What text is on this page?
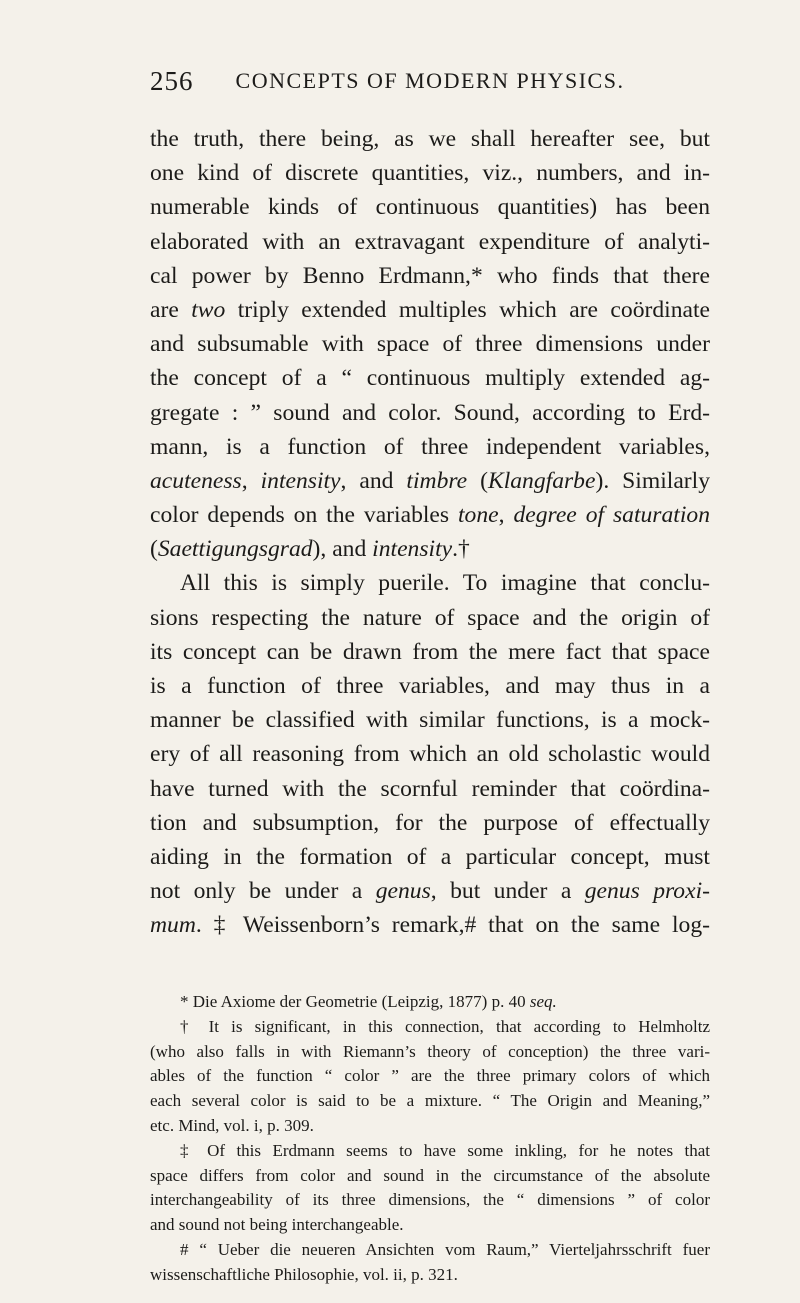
256	CONCEPTS OF MODERN PHYSICS.
the truth, there being, as we shall hereafter see, but
one kind of discrete quantities, viz., numbers, and in-
numerable kinds of continuous quantities) has been
elaborated with an extravagant expenditure of analyti-
cal power by Benno Erdmann,* who finds that there
are two triply extended multiples which are coördinate
and subsumable with space of three dimensions under
the concept of a “ continuous multiply extended ag-
gregate : ” sound and color. Sound, according to Erd-
mann, is a function of three independent variables,
acuteness, intensity, and timbre (Klangfarbe). Similarly
color depends on the variables tone, degree of saturation
(Saettigungsgrad), and intensity.†
All this is simply puerile. To imagine that conclu-
sions respecting the nature of space and the origin of
its concept can be drawn from the mere fact that space
is a function of three variables, and may thus in a
manner be classified with similar functions, is a mock-
ery of all reasoning from which an old scholastic would
have turned with the scornful reminder that coördina-
tion and subsumption, for the purpose of effectually
aiding in the formation of a particular concept, must
not only be under a genus, but under a genus proxi-
mum. ‡ Weissenborn’s remark,# that on the same log-
* Die Axiome der Geometrie (Leipzig, 1877) p. 40 seq.
† It is significant, in this connection, that according to Helmholtz
(who also falls in with Riemann’s theory of conception) the three vari-
ables of the function “ color ” are the three primary colors of which
each several color is said to be a mixture. “ The Origin and Meaning,”
etc. Mind, vol. i, p. 309.
‡ Of this Erdmann seems to have some inkling, for he notes that
space differs from color and sound in the circumstance of the absolute
interchangeability of its three dimensions, the “ dimensions ” of color
and sound not being interchangeable.
# “ Ueber die neueren Ansichten vom Raum,” Vierteljahrsschrift fuer
wissenschaftliche Philosophie, vol. ii, p. 321.
